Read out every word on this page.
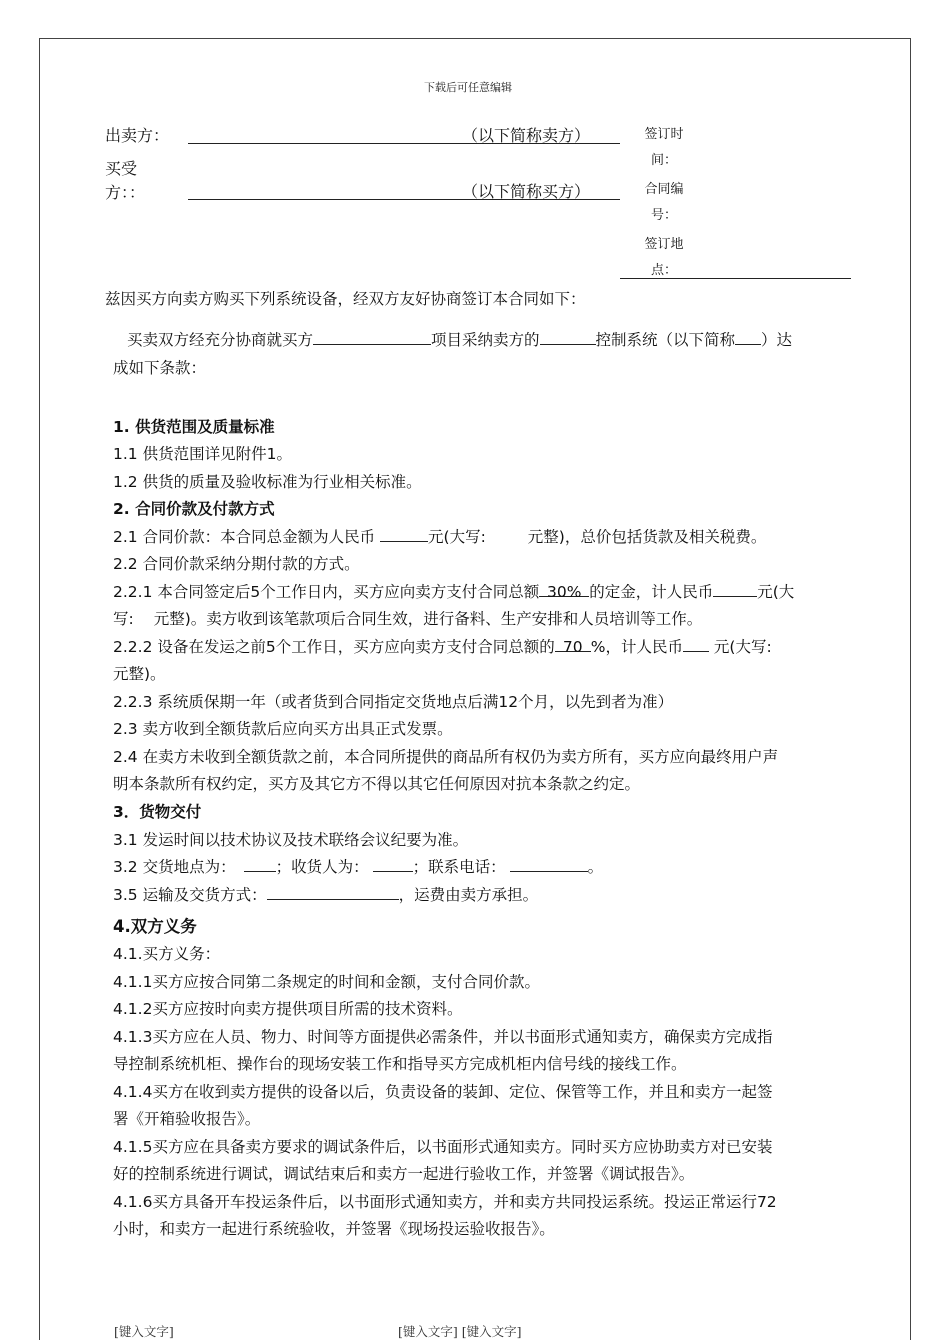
下载后可任意编辑
出卖方：	（以下简称卖方）
买受
方：：	（以下简称买方）
签订时
间：
合同编
号：
签订地
点：
兹因买方向卖方购买下列系统设备，经双方友好协商签订本合同如下：
买卖双方经充分协商就买方	项目采纳卖方的	控制系统（以下简称 ）达
成如下条款：
1. 供货范围及质量标准
1.1 供货范围详见附件1。
1.2 供货的质量及验收标准为行业相关标准。
2. 合同价款及付款方式
2.1 合同价款：本合同总金额为人民币	元(大写:	元整)，总价包括货款及相关税费。
2.2 合同价款采纳分期付款的方式。
2.2.1 本合同签定后5个工作日内，买方应向卖方支付合同总额 30% 的定金，计人民币	元(大
写: 元整)。卖方收到该笔款项后合同生效，进行备料、生产安排和人员培训等工作。
2.2.2 设备在发运之前5个工作日，买方应向卖方支付合同总额的 70 %，计人民币 元(大写:
元整)。
2.2.3 系统质保期一年（或者货到合同指定交货地点后满12个月，以先到者为准）
2.3 卖方收到全额货款后应向买方出具正式发票。
2.4 在卖方未收到全额货款之前，本合同所提供的商品所有权仍为卖方所有，买方应向最终用户声
明本条款所有权约定，买方及其它方不得以其它任何原因对抗本条款之约定。
3．货物交付
3.1 发运时间以技术协议及技术联络会议纪要为准。
3.2 交货地点为：	；收货人为：	；联系电话：	。
3.5 运输及交货方式：	，运费由卖方承担。
4.双方义务
4.1.买方义务：
4.1.1买方应按合同第二条规定的时间和金额，支付合同价款。
4.1.2买方应按时向卖方提供项目所需的技术资料。
4.1.3买方应在人员、物力、时间等方面提供必需条件，并以书面形式通知卖方，确保卖方完成指
导控制系统机柜、操作台的现场安装工作和指导买方完成机柜内信号线的接线工作。
4.1.4买方在收到卖方提供的设备以后，负责设备的装卸、定位、保管等工作，并且和卖方一起签
署《开箱验收报告》。
4.1.5买方应在具备卖方要求的调试条件后，以书面形式通知卖方。同时买方应协助卖方对已安装
好的控制系统进行调试，调试结束后和卖方一起进行验收工作，并签署《调试报告》。
4.1.6买方具备开车投运条件后，以书面形式通知卖方，并和卖方共同投运系统。投运正常运行72
小时，和卖方一起进行系统验收，并签署《现场投运验收报告》。
[键入文字]	[键入文字] [键入文字]
